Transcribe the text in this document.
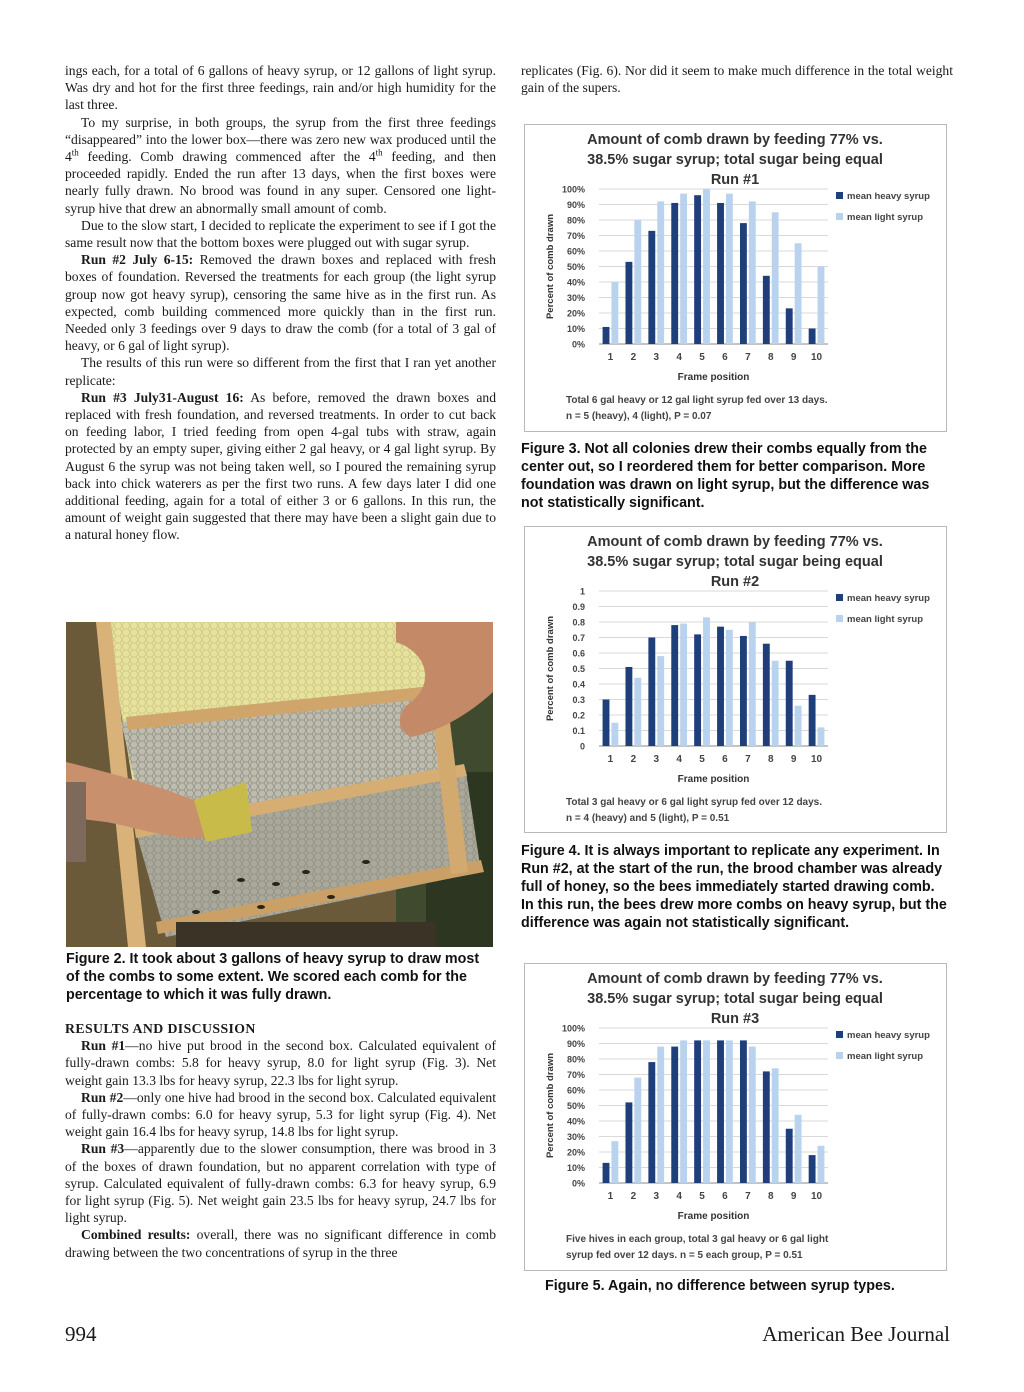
ings each, for a total of 6 gallons of heavy syrup, or 12 gallons of light syrup. Was dry and hot for the first three feedings, rain and/or high humidity for the last three.

To my surprise, in both groups, the syrup from the first three feedings “disappeared” into the lower box—there was zero new wax produced until the 4th feeding. Comb drawing commenced after the 4th feeding, and then proceeded rapidly. Ended the run after 13 days, when the first boxes were nearly fully drawn. No brood was found in any super. Censored one light-syrup hive that drew an abnormally small amount of comb.

Due to the slow start, I decided to replicate the experiment to see if I got the same result now that the bottom boxes were plugged out with sugar syrup.

Run #2 July 6-15: Removed the drawn boxes and replaced with fresh boxes of foundation. Reversed the treatments for each group (the light syrup group now got heavy syrup), censoring the same hive as in the first run. As expected, comb building commenced more quickly than in the first run. Needed only 3 feedings over 9 days to draw the comb (for a total of 3 gal of heavy, or 6 gal of light syrup).

The results of this run were so different from the first that I ran yet another replicate:

Run #3 July31-August 16: As before, removed the drawn boxes and replaced with fresh foundation, and reversed treatments. In order to cut back on feeding labor, I tried feeding from open 4-gal tubs with straw, again protected by an empty super, giving either 2 gal heavy, or 4 gal light syrup. By August 6 the syrup was not being taken well, so I poured the remaining syrup back into chick waterers as per the first two runs. A few days later I did one additional feeding, again for a total of either 3 or 6 gallons. In this run, the amount of weight gain suggested that there may have been a slight gain due to a natural honey flow.

Figure 2. It took about 3 gallons of heavy syrup to draw most of the combs to some extent. We scored each comb for the percentage to which it was fully drawn.

RESULTS AND DISCUSSION

Run #1—no hive put brood in the second box. Calculated equivalent of fully-drawn combs: 5.8 for heavy syrup, 8.0 for light syrup (Fig. 3). Net weight gain 13.3 lbs for heavy syrup, 22.3 lbs for light syrup.

Run #2—only one hive had brood in the second box. Calculated equivalent of fully-drawn combs: 6.0 for heavy syrup, 5.3 for light syrup (Fig. 4). Net weight gain 16.4 lbs for heavy syrup, 14.8 lbs for light syrup.

Run #3—apparently due to the slower consumption, there was brood in 3 of the boxes of drawn foundation, but no apparent correlation with type of syrup. Calculated equivalent of fully-drawn combs: 6.3 for heavy syrup, 6.9 for light syrup (Fig. 5). Net weight gain 23.5 lbs for heavy syrup, 24.7 lbs for light syrup.

Combined results: overall, there was no significant difference in comb drawing between the two concentrations of syrup in the three

replicates (Fig. 6). Nor did it seem to make much difference in the total weight gain of the supers.

Amount of comb drawn by feeding 77% vs.
38.5% sugar syrup; total sugar being equal
Run #1
0%
10%
20%
30%
40%
50%
60%
70%
80%
90%
100%
Percent of comb drawn
1 2 3 4 5 6 7 8 9 10
Frame position
mean heavy syrup
mean light syrup
Total 6 gal heavy or 12 gal light syrup fed over 13 days.
n = 5 (heavy), 4 (light), P = 0.07
Figure 3. Not all colonies drew their combs equally from the center out, so I reordered them for better comparison. More foundation was drawn on light syrup, but the difference was not statistically significant.
Amount of comb drawn by feeding 77% vs.
38.5% sugar syrup; total sugar being equal
Run #2
0
0.1
0.2
0.3
0.4
0.5
0.6
0.7
0.8
0.9
1
Percent of comb drawn
1 2 3 4 5 6 7 8 9 10
Frame position
mean heavy syrup
mean light syrup
Total 3 gal heavy or 6 gal light syrup fed over 12 days.
n = 4 (heavy) and 5 (light), P = 0.51
Figure 4. It is always important to replicate any experiment. In Run #2, at the start of the run, the brood chamber was already full of honey, so the bees immediately started drawing comb. In this run, the bees drew more combs on heavy syrup, but the difference was again not statistically significant.
Amount of comb drawn by feeding 77% vs.
38.5% sugar syrup; total sugar being equal
Run #3
0%
10%
20%
30%
40%
50%
60%
70%
80%
90%
100%
Percent of comb drawn
1 2 3 4 5 6 7 8 9 10
Frame position
mean heavy syrup
mean light syrup
Five hives in each group, total 3 gal heavy or 6 gal light
syrup fed over 12 days. n = 5 each group, P = 0.51
Figure 5. Again, no difference between syrup types.
994	American Bee Journal
